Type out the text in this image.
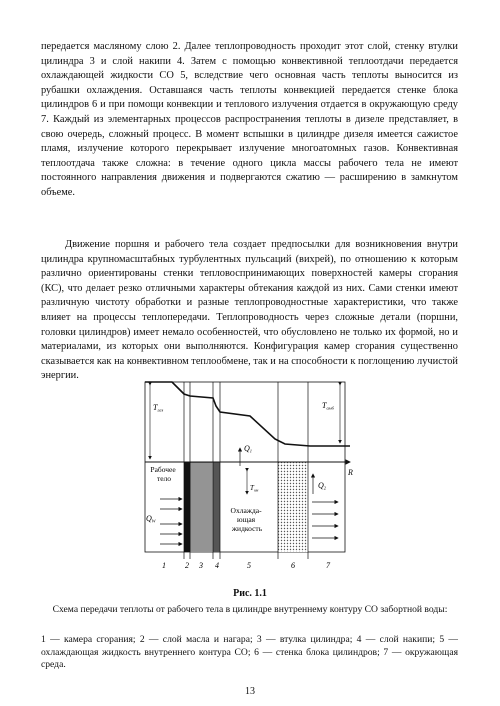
передается масляному слою 2. Далее теплопроводность проходит этот слой, стенку втулки цилиндра 3 и слой накипи 4. Затем с помощью конвективной теплоотдачи передается охлаждающей жидкости СО 5, вследствие чего основная часть теплоты выносится из рубашки охлаждения. Оставшаяся часть теплоты конвекцией передается стенке блока цилиндров 6 и при помощи конвекции и теплового излучения отдается в окружающую среду 7. Каждый из элементарных процессов распространения теплоты в дизеле представляет, в свою очередь, сложный процесс. В момент вспышки в цилиндре дизеля имеется сажистое пламя, излучение которого перекрывает излучение многоатомных газов. Конвективная теплоотдача также сложна: в течение одного цикла массы рабочего тела не имеют постоянного направления движения и подвергаются сжатию — расширению в замкнутом объеме.

Движение поршня и рабочего тела создает предпосылки для возникновения внутри цилиндра крупномасштабных турбулентных пульсаций (вихрей), по отношению к которым различно ориентированы стенки тепловоспринимающих поверхностей камеры сгорания (КС), что делает резко отличными характеры обтекания каждой из них. Сами стенки имеют различную чистоту обработки и разные теплопроводностные характеристики, что также влияет на процессы теплопередачи. Теплопроводность через сложные детали (поршни, головки цилиндров) имеет немало особенностей, что обусловлено не только их формой, но и материалами, из которых они выполняются. Конфигурация камер сгорания существенно сказывается как на конвективном теплообмене, так и на способности к поглощению лучистой энергии.

R
Tгаз	Tамб
Q1
$T_{ом}$	Q2
Рабочее тело
Охлажда- ющая жидкость
QW
1 2 3 4	5	6	7

Рис. 1.1

Схема передачи теплоты от рабочего тела в цилиндре внутреннему контуру СО забортной воды:

1 — камера сгорания; 2 — слой масла и нагара; 3 — втулка цилиндра; 4 — слой накипи; 5 — охлаждающая жидкость внутреннего контура СО; 6 — стенка блока цилиндров; 7 — окружающая среда.

13
